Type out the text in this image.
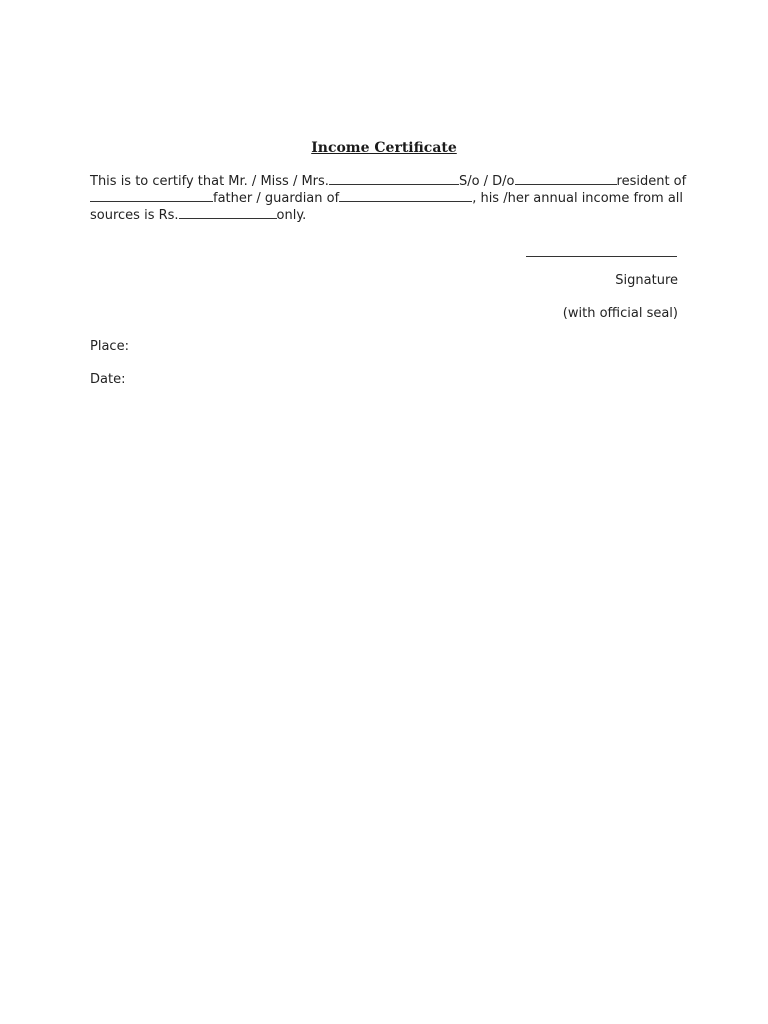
Income Certificate
This is to certify that Mr. / Miss / Mrs.	S/o / D/o	resident of
father / guardian of	, his /her annual income from all
sources is Rs.	only.
Signature
(with official seal)
Place:
Date:
